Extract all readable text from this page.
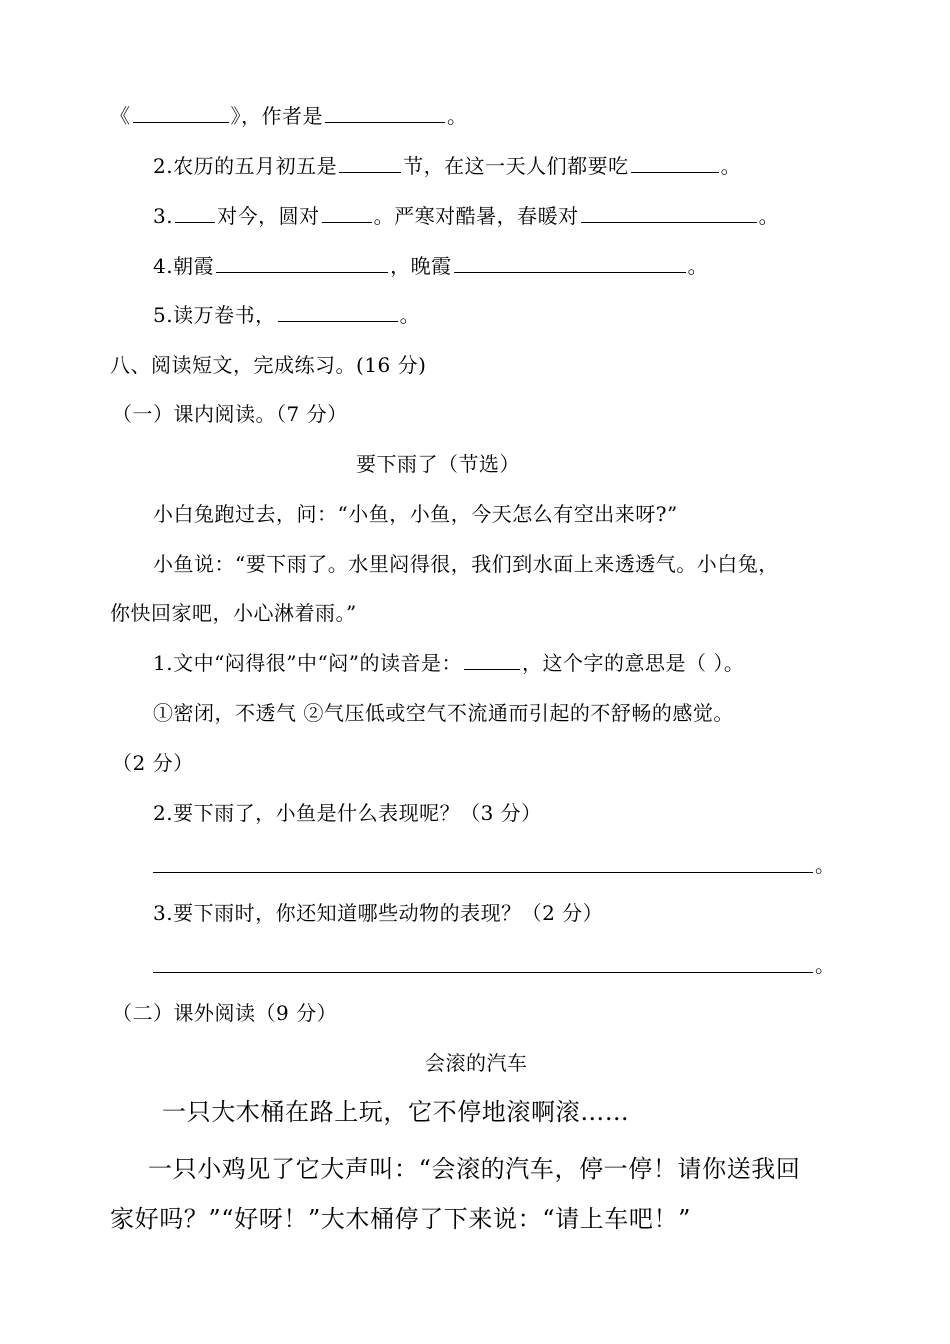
《	》，作者是	。
2.农历的五月初五是	节，在这一天人们都要吃	。
3. 对今，圆对	。严寒对酷暑，春暖对	。
4.朝霞	，晚霞	。
5.读万卷书，	。
八、阅读短文，完成练习。(16 分)
（一）课内阅读。（7 分）
要下雨了（节选）
小白兔跑过去，问：“小鱼，小鱼，今天怎么有空出来呀?”
小鱼说：“要下雨了。水里闷得很，我们到水面上来透透气。小白兔，
你快回家吧，小心淋着雨。”
1.文中“闷得很”中“闷”的读音是：	，这个字的意思是（ ）。
①密闭，不透气 ②气压低或空气不流通而引起的不舒畅的感觉。
（2 分）
2.要下雨了，小鱼是什么表现呢？（3 分）
。
3.要下雨时，你还知道哪些动物的表现？（2 分）
。
（二）课外阅读（9 分）
会滚的汽车
一只大木桶在路上玩，它不停地滚啊滚……
一只小鸡见了它大声叫：“会滚的汽车，停一停！请你送我回
家好吗？”“好呀！”大木桶停了下来说：“请上车吧！”
